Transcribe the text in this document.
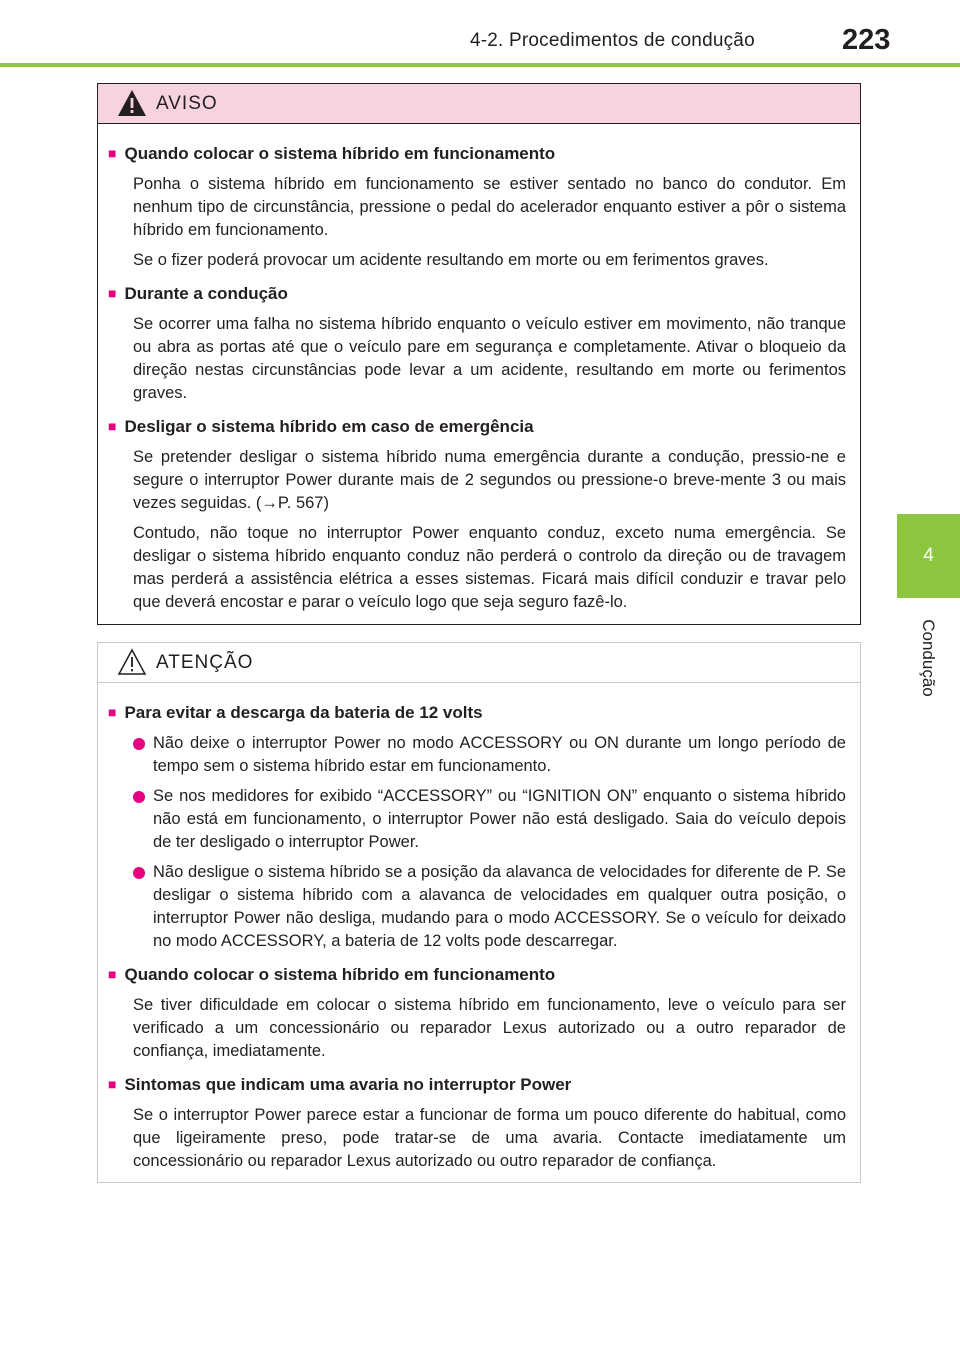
4-2. Procedimentos de condução	223
4
Condução
AVISO
■ Quando colocar o sistema híbrido em funcionamento

Ponha o sistema híbrido em funcionamento se estiver sentado no banco do condutor. Em nenhum tipo de circunstância, pressione o pedal do acelerador enquanto estiver a pôr o sistema híbrido em funcionamento.

Se o fizer poderá provocar um acidente resultando em morte ou em ferimentos graves.

■ Durante a condução

Se ocorrer uma falha no sistema híbrido enquanto o veículo estiver em movimento, não tranque ou abra as portas até que o veículo pare em segurança e completamente. Ativar o bloqueio da direção nestas circunstâncias pode levar a um acidente, resultando em morte ou ferimentos graves.

■ Desligar o sistema híbrido em caso de emergência

Se pretender desligar o sistema híbrido numa emergência durante a condução, pressio-ne e segure o interruptor Power durante mais de 2 segundos ou pressione-o breve-mente 3 ou mais vezes seguidas. (→P. 567)

Contudo, não toque no interruptor Power enquanto conduz, exceto numa emergência. Se desligar o sistema híbrido enquanto conduz não perderá o controlo da direção ou de travagem mas perderá a assistência elétrica a esses sistemas. Ficará mais difícil conduzir e travar pelo que deverá encostar e parar o veículo logo que seja seguro fazê-lo.

ATENÇÃO
■ Para evitar a descarga da bateria de 12 volts
Não deixe o interruptor Power no modo ACCESSORY ou ON durante um longo período de tempo sem o sistema híbrido estar em funcionamento.
Se nos medidores for exibido “ACCESSORY” ou “IGNITION ON” enquanto o sistema híbrido não está em funcionamento, o interruptor Power não está desligado. Saia do veículo depois de ter desligado o interruptor Power.
Não desligue o sistema híbrido se a posição da alavanca de velocidades for diferente de P. Se desligar o sistema híbrido com a alavanca de velocidades em qualquer outra posição, o interruptor Power não desliga, mudando para o modo ACCESSORY. Se o veículo for deixado no modo ACCESSORY, a bateria de 12 volts pode descarregar.
■ Quando colocar o sistema híbrido em funcionamento

Se tiver dificuldade em colocar o sistema híbrido em funcionamento, leve o veículo para ser verificado a um concessionário ou reparador Lexus autorizado ou a outro reparador de confiança, imediatamente.

■ Sintomas que indicam uma avaria no interruptor Power

Se o interruptor Power parece estar a funcionar de forma um pouco diferente do habitual, como que ligeiramente preso, pode tratar-se de uma avaria. Contacte imediatamente um concessionário ou reparador Lexus autorizado ou outro reparador de confiança.
